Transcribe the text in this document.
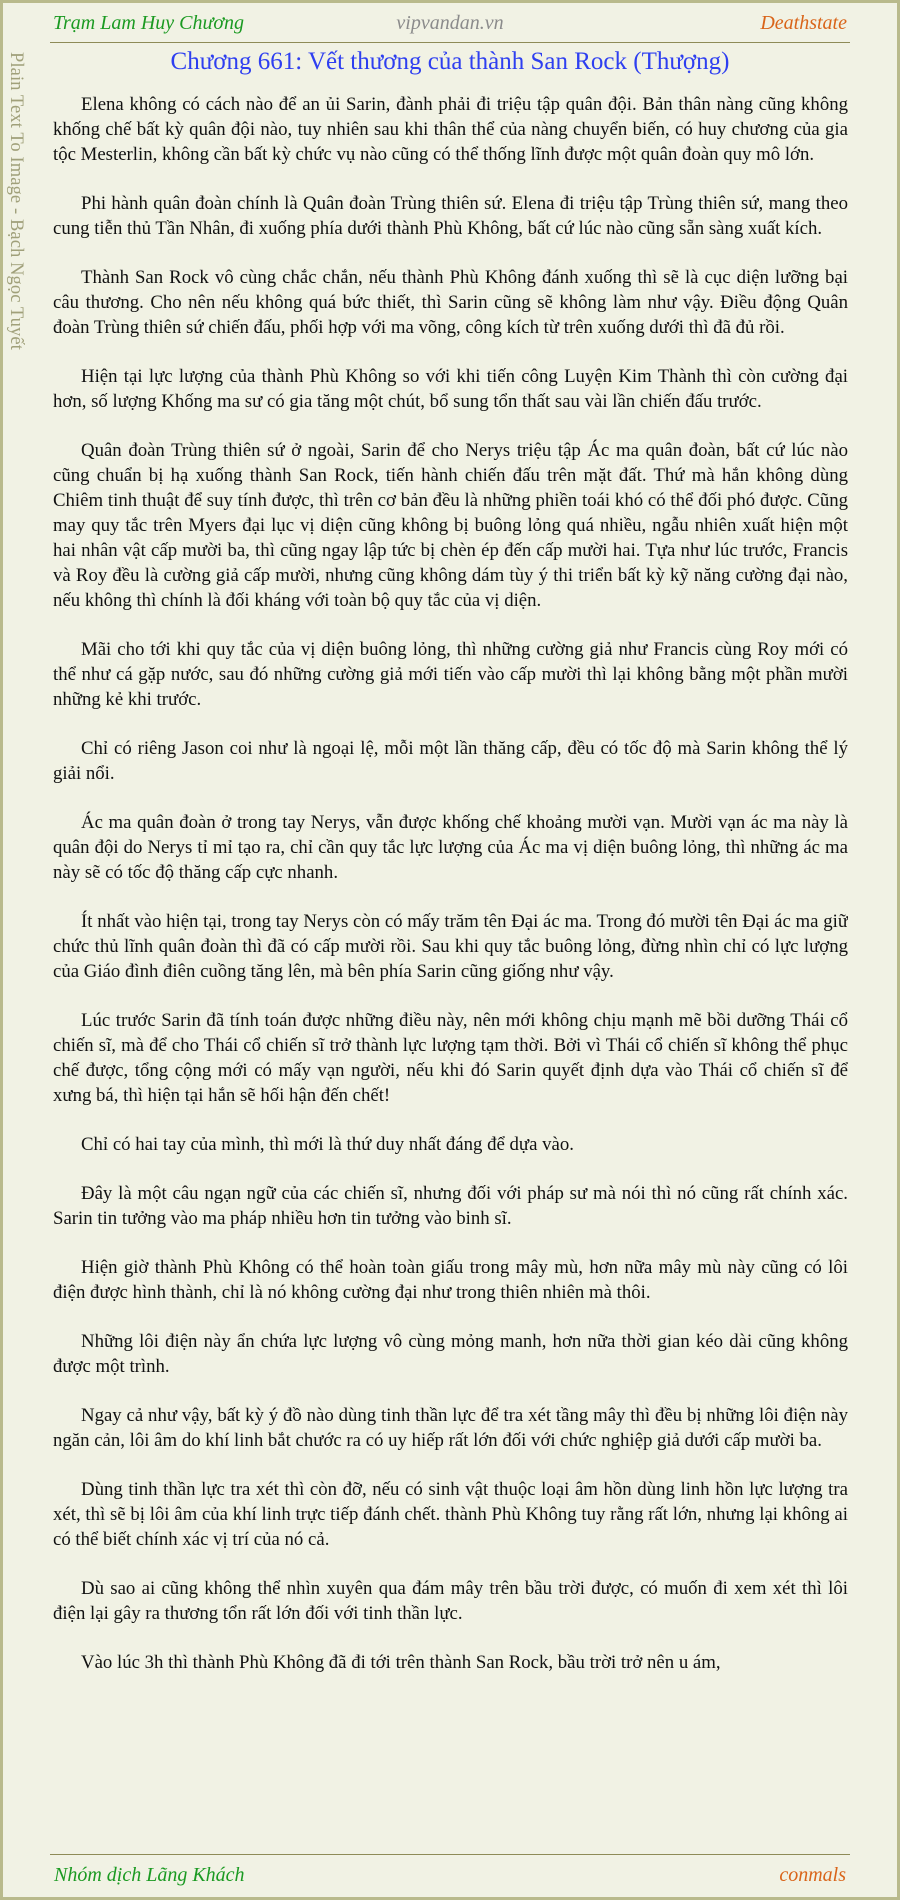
Trạm Lam Huy Chương	vipvandan.vn	Deathstate
Plain Text To Image - Bạch Ngọc Tuyết	Chương 661: Vết thương của thành San Rock (Thượng)

Elena không có cách nào để an ủi Sarin, đành phải đi triệu tập quân đội. Bản thân nàng cũng không khống chế bất kỳ quân đội nào, tuy nhiên sau khi thân thể của nàng chuyển biến, có huy chương của gia tộc Mesterlin, không cần bất kỳ chức vụ nào cũng có thể thống lĩnh được một quân đoàn quy mô lớn.

Phi hành quân đoàn chính là Quân đoàn Trùng thiên sứ. Elena đi triệu tập Trùng thiên sứ, mang theo cung tiễn thủ Tần Nhân, đi xuống phía dưới thành Phù Không, bất cứ lúc nào cũng sẵn sàng xuất kích.

Thành San Rock vô cùng chắc chắn, nếu thành Phù Không đánh xuống thì sẽ là cục diện lưỡng bại câu thương. Cho nên nếu không quá bức thiết, thì Sarin cũng sẽ không làm như vậy. Điều động Quân đoàn Trùng thiên sứ chiến đấu, phối hợp với ma võng, công kích từ trên xuống dưới thì đã đủ rồi.

Hiện tại lực lượng của thành Phù Không so với khi tiến công Luyện Kim Thành thì còn cường đại hơn, số lượng Khống ma sư có gia tăng một chút, bổ sung tổn thất sau vài lần chiến đấu trước.

Quân đoàn Trùng thiên sứ ở ngoài, Sarin để cho Nerys triệu tập Ác ma quân đoàn, bất cứ lúc nào cũng chuẩn bị hạ xuống thành San Rock, tiến hành chiến đấu trên mặt đất. Thứ mà hắn không dùng Chiêm tinh thuật để suy tính được, thì trên cơ bản đều là những phiền toái khó có thể đối phó được. Cũng may quy tắc trên Myers đại lục vị diện cũng không bị buông lỏng quá nhiều, ngẫu nhiên xuất hiện một hai nhân vật cấp mười ba, thì cũng ngay lập tức bị chèn ép đến cấp mười hai. Tựa như lúc trước, Francis và Roy đều là cường giả cấp mười, nhưng cũng không dám tùy ý thi triển bất kỳ kỹ năng cường đại nào, nếu không thì chính là đối kháng với toàn bộ quy tắc của vị diện.

Mãi cho tới khi quy tắc của vị diện buông lỏng, thì những cường giả như Francis cùng Roy mới có thể như cá gặp nước, sau đó những cường giả mới tiến vào cấp mười thì lại không bằng một phần mười những kẻ khi trước.

Chỉ có riêng Jason coi như là ngoại lệ, mỗi một lần thăng cấp, đều có tốc độ mà Sarin không thể lý giải nổi.

Ác ma quân đoàn ở trong tay Nerys, vẫn được khống chế khoảng mười vạn. Mười vạn ác ma này là quân đội do Nerys tỉ mỉ tạo ra, chỉ cần quy tắc lực lượng của Ác ma vị diện buông lỏng, thì những ác ma này sẽ có tốc độ thăng cấp cực nhanh.

Ít nhất vào hiện tại, trong tay Nerys còn có mấy trăm tên Đại ác ma. Trong đó mười tên Đại ác ma giữ chức thủ lĩnh quân đoàn thì đã có cấp mười rồi. Sau khi quy tắc buông lỏng, đừng nhìn chỉ có lực lượng của Giáo đình điên cuồng tăng lên, mà bên phía Sarin cũng giống như vậy.

Lúc trước Sarin đã tính toán được những điều này, nên mới không chịu mạnh mẽ bồi dưỡng Thái cổ chiến sĩ, mà để cho Thái cổ chiến sĩ trở thành lực lượng tạm thời. Bởi vì Thái cổ chiến sĩ không thể phục chế được, tổng cộng mới có mấy vạn người, nếu khi đó Sarin quyết định dựa vào Thái cổ chiến sĩ để xưng bá, thì hiện tại hắn sẽ hối hận đến chết!

Chỉ có hai tay của mình, thì mới là thứ duy nhất đáng để dựa vào.

Đây là một câu ngạn ngữ của các chiến sĩ, nhưng đối với pháp sư mà nói thì nó cũng rất chính xác. Sarin tin tưởng vào ma pháp nhiều hơn tin tưởng vào binh sĩ.

Hiện giờ thành Phù Không có thể hoàn toàn giấu trong mây mù, hơn nữa mây mù này cũng có lôi điện được hình thành, chỉ là nó không cường đại như trong thiên nhiên mà thôi.

Những lôi điện này ẩn chứa lực lượng vô cùng mỏng manh, hơn nữa thời gian kéo dài cũng không được một trình.

Ngay cả như vậy, bất kỳ ý đồ nào dùng tinh thần lực để tra xét tầng mây thì đều bị những lôi điện này ngăn cản, lôi âm do khí linh bắt chước ra có uy hiếp rất lớn đối với chức nghiệp giả dưới cấp mười ba.

Dùng tinh thần lực tra xét thì còn đỡ, nếu có sinh vật thuộc loại âm hồn dùng linh hồn lực lượng tra xét, thì sẽ bị lôi âm của khí linh trực tiếp đánh chết. thành Phù Không tuy rằng rất lớn, nhưng lại không ai có thể biết chính xác vị trí của nó cả.

Dù sao ai cũng không thể nhìn xuyên qua đám mây trên bầu trời được, có muốn đi xem xét thì lôi điện lại gây ra thương tổn rất lớn đối với tinh thần lực.

Vào lúc 3h thì thành Phù Không đã đi tới trên thành San Rock, bầu trời trở nên u ám,

Nhóm dịch Lãng Khách	conmals
